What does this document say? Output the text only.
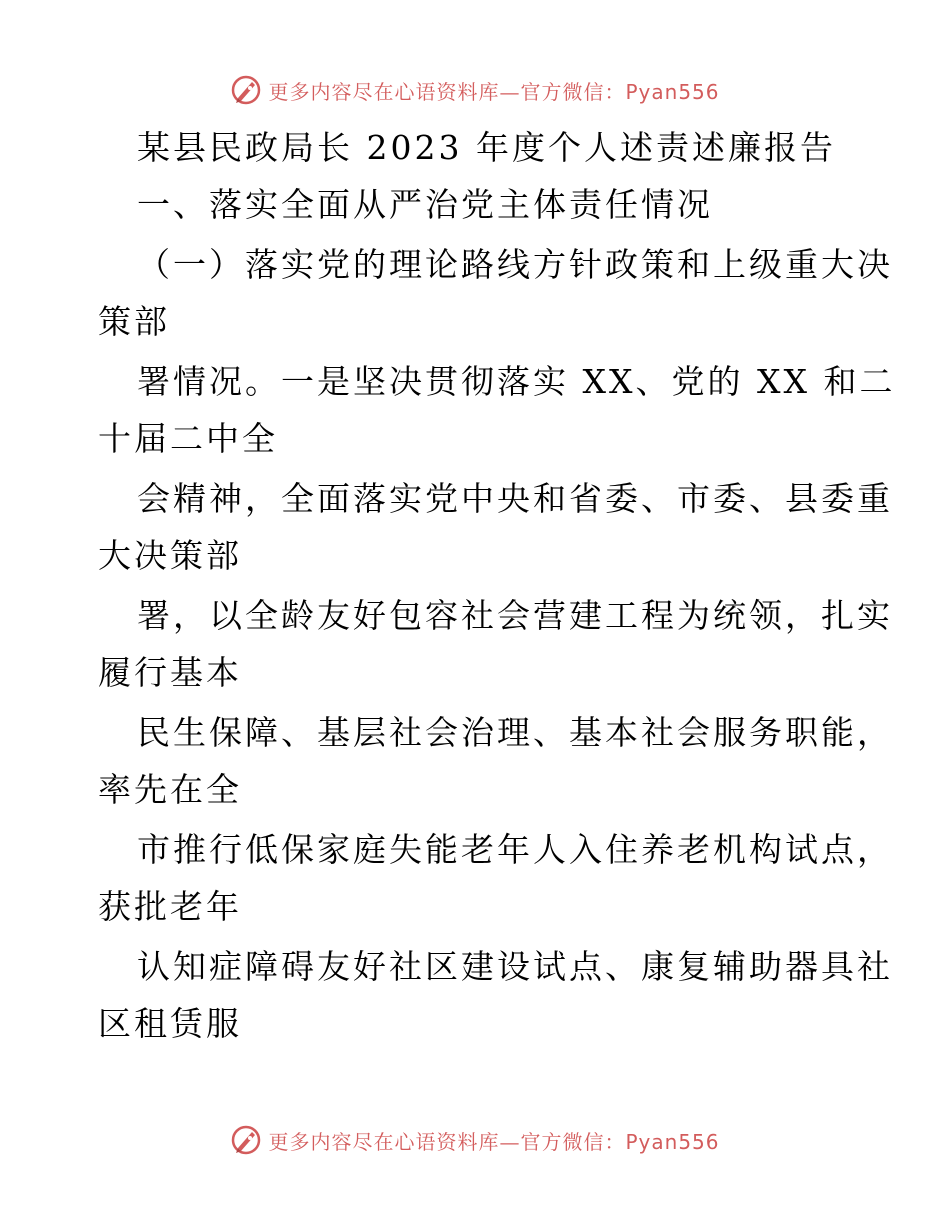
更多内容尽在心语资料库—官方微信：Pyan556
某县民政局长 2023 年度个人述责述廉报告
一、落实全面从严治党主体责任情况
（一）落实党的理论路线方针政策和上级重大决
策部
署情况。一是坚决贯彻落实 XX、党的 XX 和二
十届二中全
会精神，全面落实党中央和省委、市委、县委重
大决策部
署，以全龄友好包容社会营建工程为统领，扎实
履行基本
民生保障、基层社会治理、基本社会服务职能，
率先在全
市推行低保家庭失能老年人入住养老机构试点，
获批老年
认知症障碍友好社区建设试点、康复辅助器具社
区租赁服
更多内容尽在心语资料库—官方微信：Pyan556
